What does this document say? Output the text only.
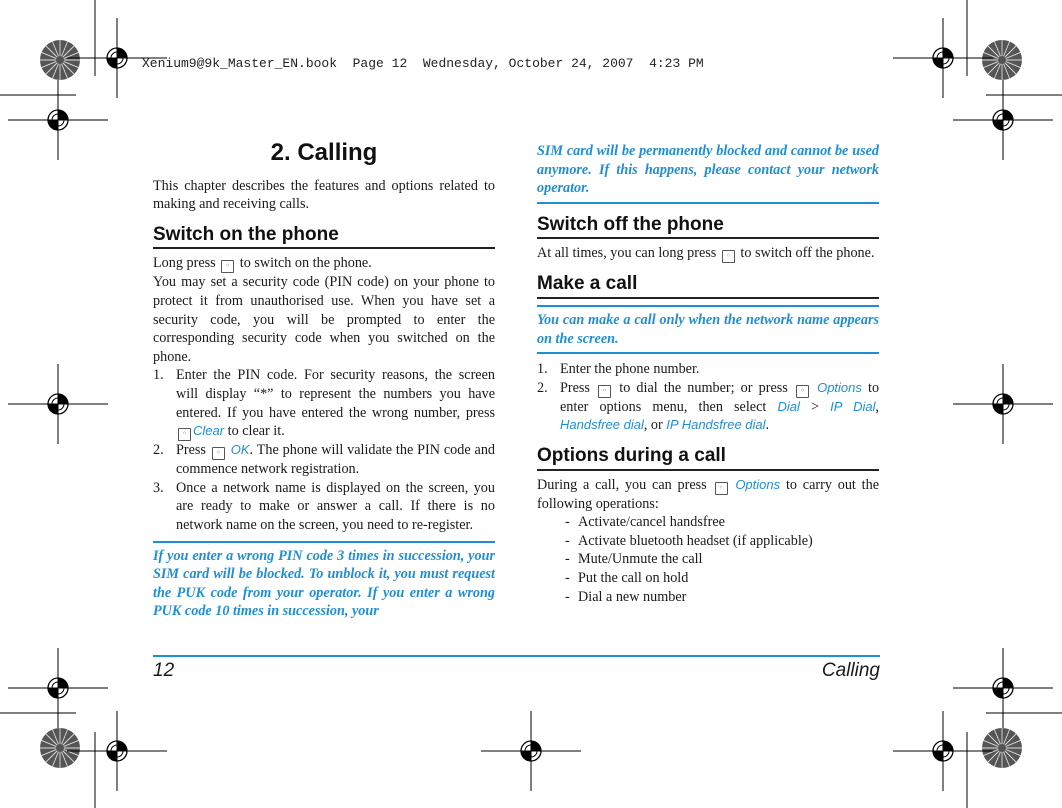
Xenium9@9k_Master_EN.book  Page 12  Wednesday, October 24, 2007  4:23 PM
2. Calling

This chapter describes the features and options related to making and receiving calls.

Switch on the phone

Long press ◦ to switch on the phone.

You may set a security code (PIN code) on your phone to protect it from unauthorised use. When you have set a security code, you will be prompted to enter the corresponding security code when you switched on the phone.

1. Enter the PIN code. For security reasons, the screen will display “*” to represent the numbers you have entered. If you have entered the wrong number, press ◦ Clear to clear it.
2. Press ◦ OK. The phone will validate the PIN code and commence network registration.
3. Once a network name is displayed on the screen, you are ready to make or answer a call. If there is no network name on the screen, you need to re-register.

If you enter a wrong PIN code 3 times in succession, your SIM card will be blocked. To unblock it, you must request the PUK code from your operator. If you enter a wrong PUK code 10 times in succession, your

SIM card will be permanently blocked and cannot be used anymore. If this happens, please contact your network operator.

Switch off the phone

At all times, you can long press ◦ to switch off the phone.

Make a call

You can make a call only when the network name appears on the screen.

1. Enter the phone number.
2. Press ◦ to dial the number; or press ◦ Options to enter options menu, then select Dial > IP Dial, Handsfree dial, or IP Handsfree dial.
Options during a call

During a call, you can press ◦ Options to carry out the following operations:

- Activate/cancel handsfree
- Activate bluetooth headset (if applicable)
- Mute/Unmute the call
- Put the call on hold
- Dial a new number
12	Calling
